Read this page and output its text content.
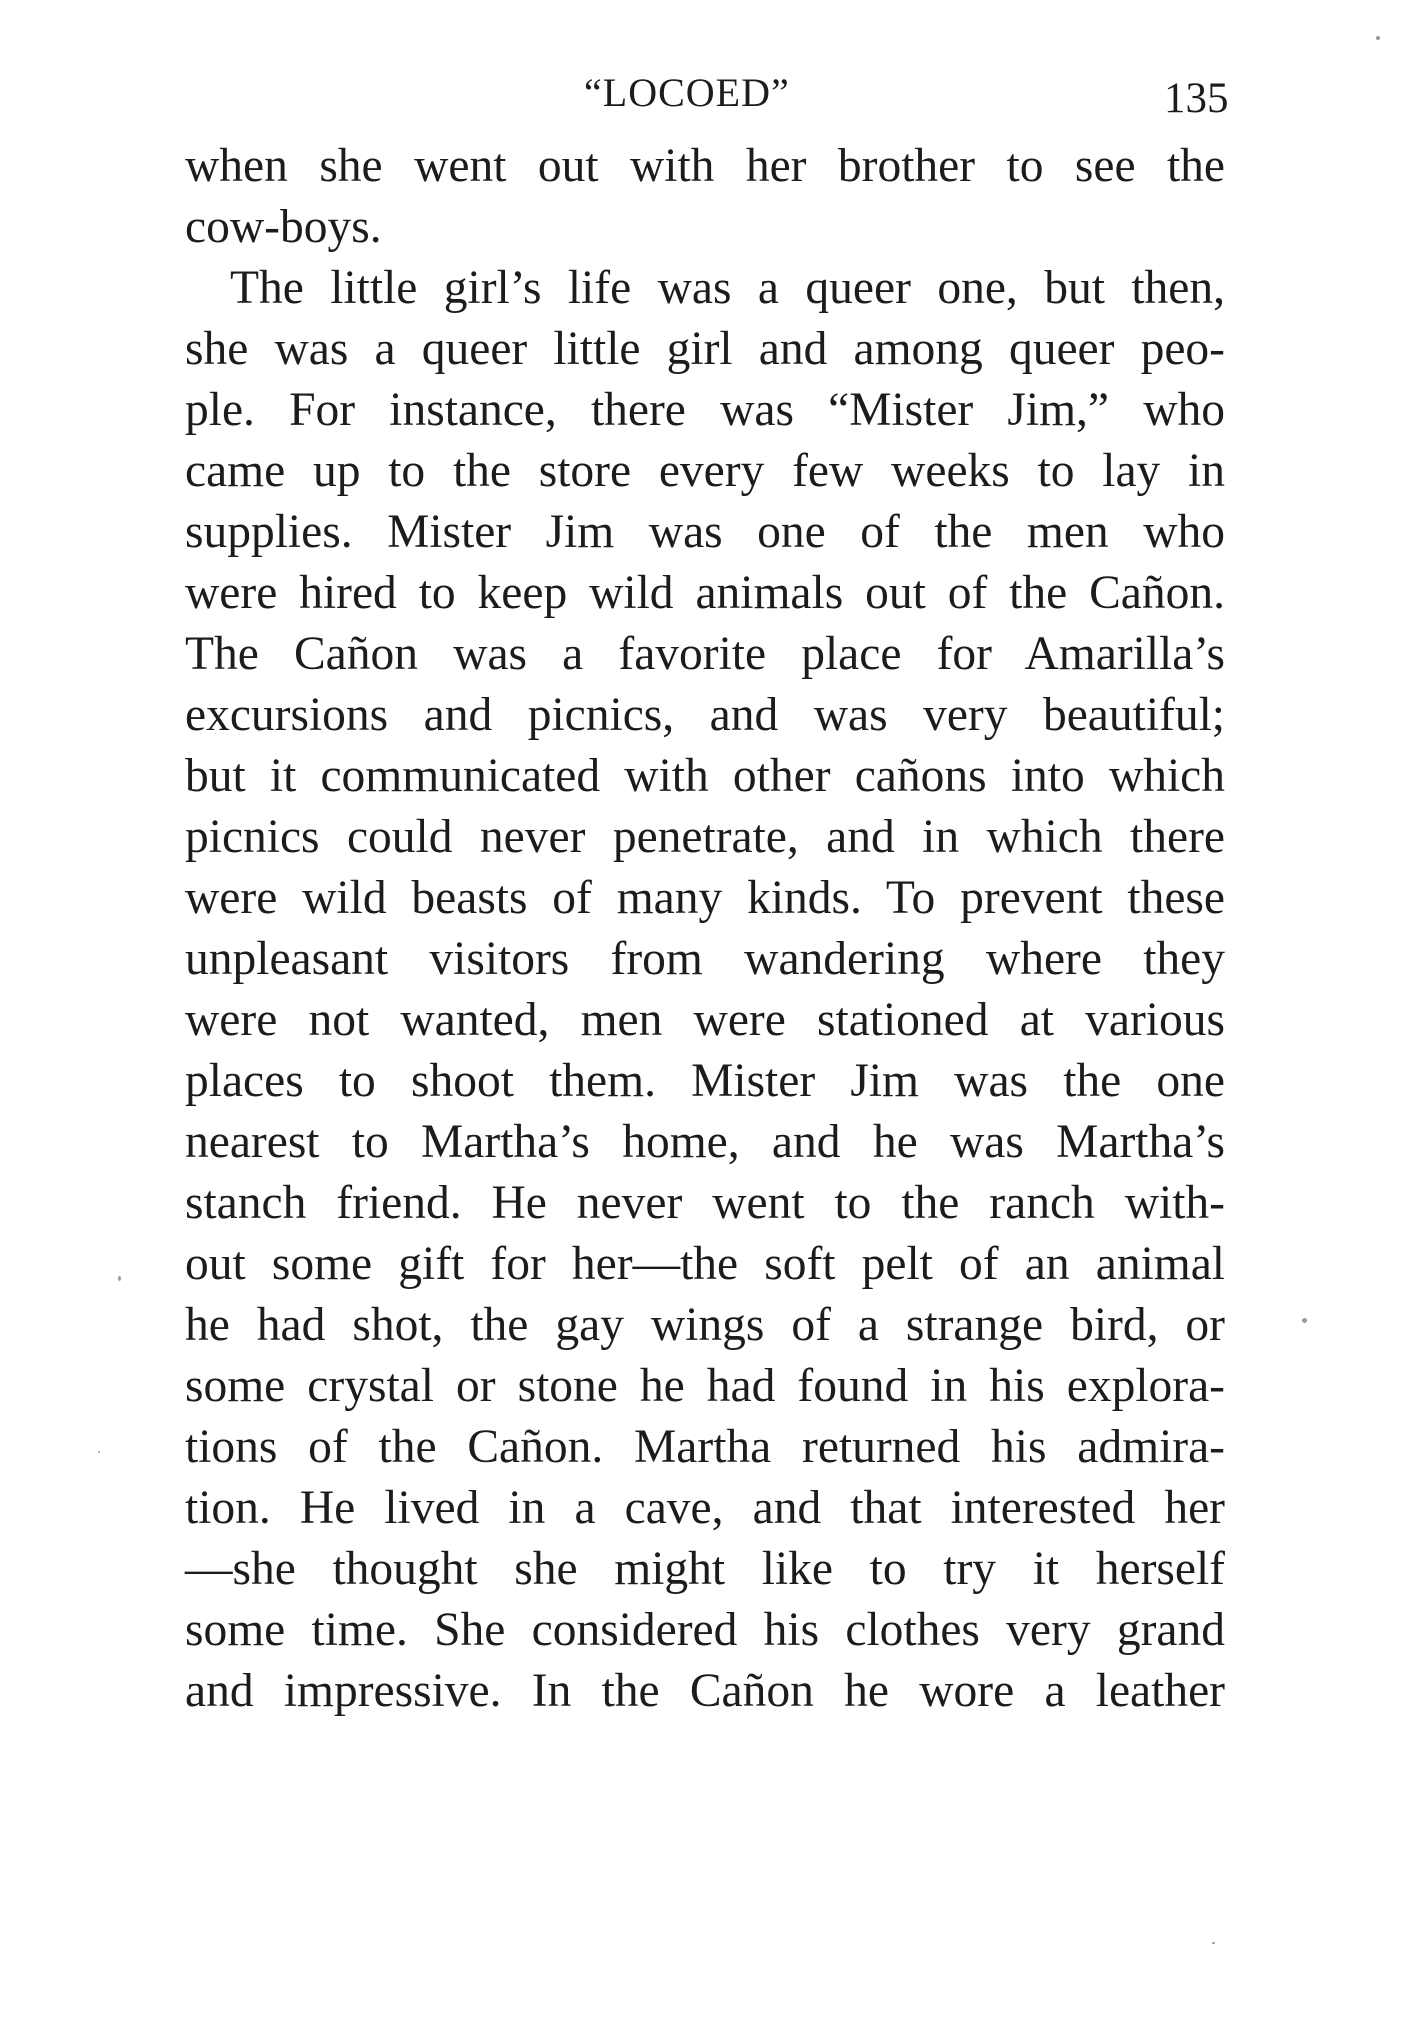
“LOCOED”	135
when she went out with her brother to see the
cow-boys.
The little girl’s life was a queer one, but then,
she was a queer little girl and among queer peo-
ple. For instance, there was “Mister Jim,” who
came up to the store every few weeks to lay in
supplies. Mister Jim was one of the men who
were hired to keep wild animals out of the Cañon.
The Cañon was a favorite place for Amarilla’s
excursions and picnics, and was very beautiful;
but it communicated with other cañons into which
picnics could never penetrate, and in which there
were wild beasts of many kinds. To prevent these
unpleasant visitors from wandering where they
were not wanted, men were stationed at various
places to shoot them. Mister Jim was the one
nearest to Martha’s home, and he was Martha’s
stanch friend. He never went to the ranch with-
out some gift for her—the soft pelt of an animal
he had shot, the gay wings of a strange bird, or
some crystal or stone he had found in his explora-
tions of the Cañon. Martha returned his admira-
tion. He lived in a cave, and that interested her
—she thought she might like to try it herself
some time. She considered his clothes very grand
and impressive. In the Cañon he wore a leather
